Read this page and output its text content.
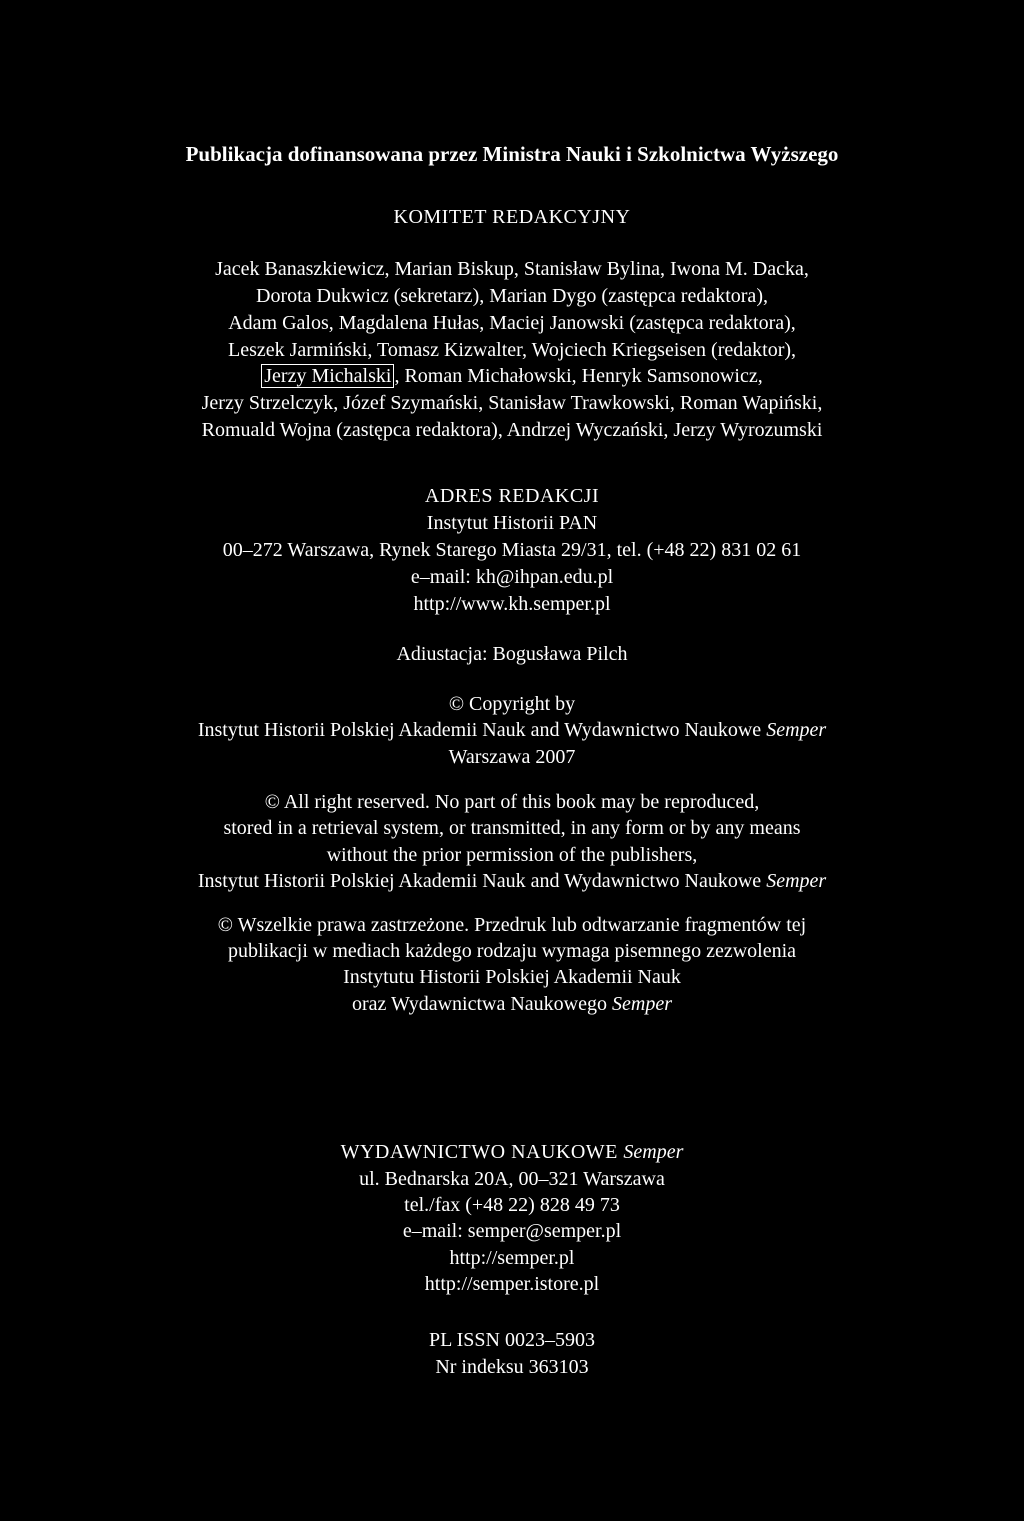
Publikacja dofinansowana przez Ministra Nauki i Szkolnictwa Wyższego
KOMITET REDAKCYJNY
Jacek Banaszkiewicz, Marian Biskup, Stanisław Bylina, Iwona M. Dacka,
Dorota Dukwicz (sekretarz), Marian Dygo (zastępca redaktora),
Adam Galos, Magdalena Hułas, Maciej Janowski (zastępca redaktora),
Leszek Jarmiński, Tomasz Kizwalter, Wojciech Kriegseisen (redaktor),
Jerzy Michalski , Roman Michałowski, Henryk Samsonowicz,
Jerzy Strzelczyk, Józef Szymański, Stanisław Trawkowski, Roman Wapiński,
Romuald Wojna (zastępca redaktora), Andrzej Wyczański, Jerzy Wyrozumski
ADRES REDAKCJI
Instytut Historii PAN
00–272 Warszawa, Rynek Starego Miasta 29/31, tel. (+48 22) 831 02 61
e–mail: kh@ihpan.edu.pl
http://www.kh.semper.pl
Adiustacja: Bogusława Pilch
© Copyright by
Instytut Historii Polskiej Akademii Nauk and Wydawnictwo Naukowe Semper
Warszawa 2007
© All right reserved. No part of this book may be reproduced,
stored in a retrieval system, or transmitted, in any form or by any means
without the prior permission of the publishers,
Instytut Historii Polskiej Akademii Nauk and Wydawnictwo Naukowe Semper
© Wszelkie prawa zastrzeżone. Przedruk lub odtwarzanie fragmentów tej
publikacji w mediach każdego rodzaju wymaga pisemnego zezwolenia
Instytutu Historii Polskiej Akademii Nauk
oraz Wydawnictwa Naukowego Semper
WYDAWNICTWO NAUKOWE Semper
ul. Bednarska 20A, 00–321 Warszawa
tel./fax (+48 22) 828 49 73
e–mail: semper@semper.pl
http://semper.pl
http://semper.istore.pl
PL ISSN 0023–5903
Nr indeksu 363103
